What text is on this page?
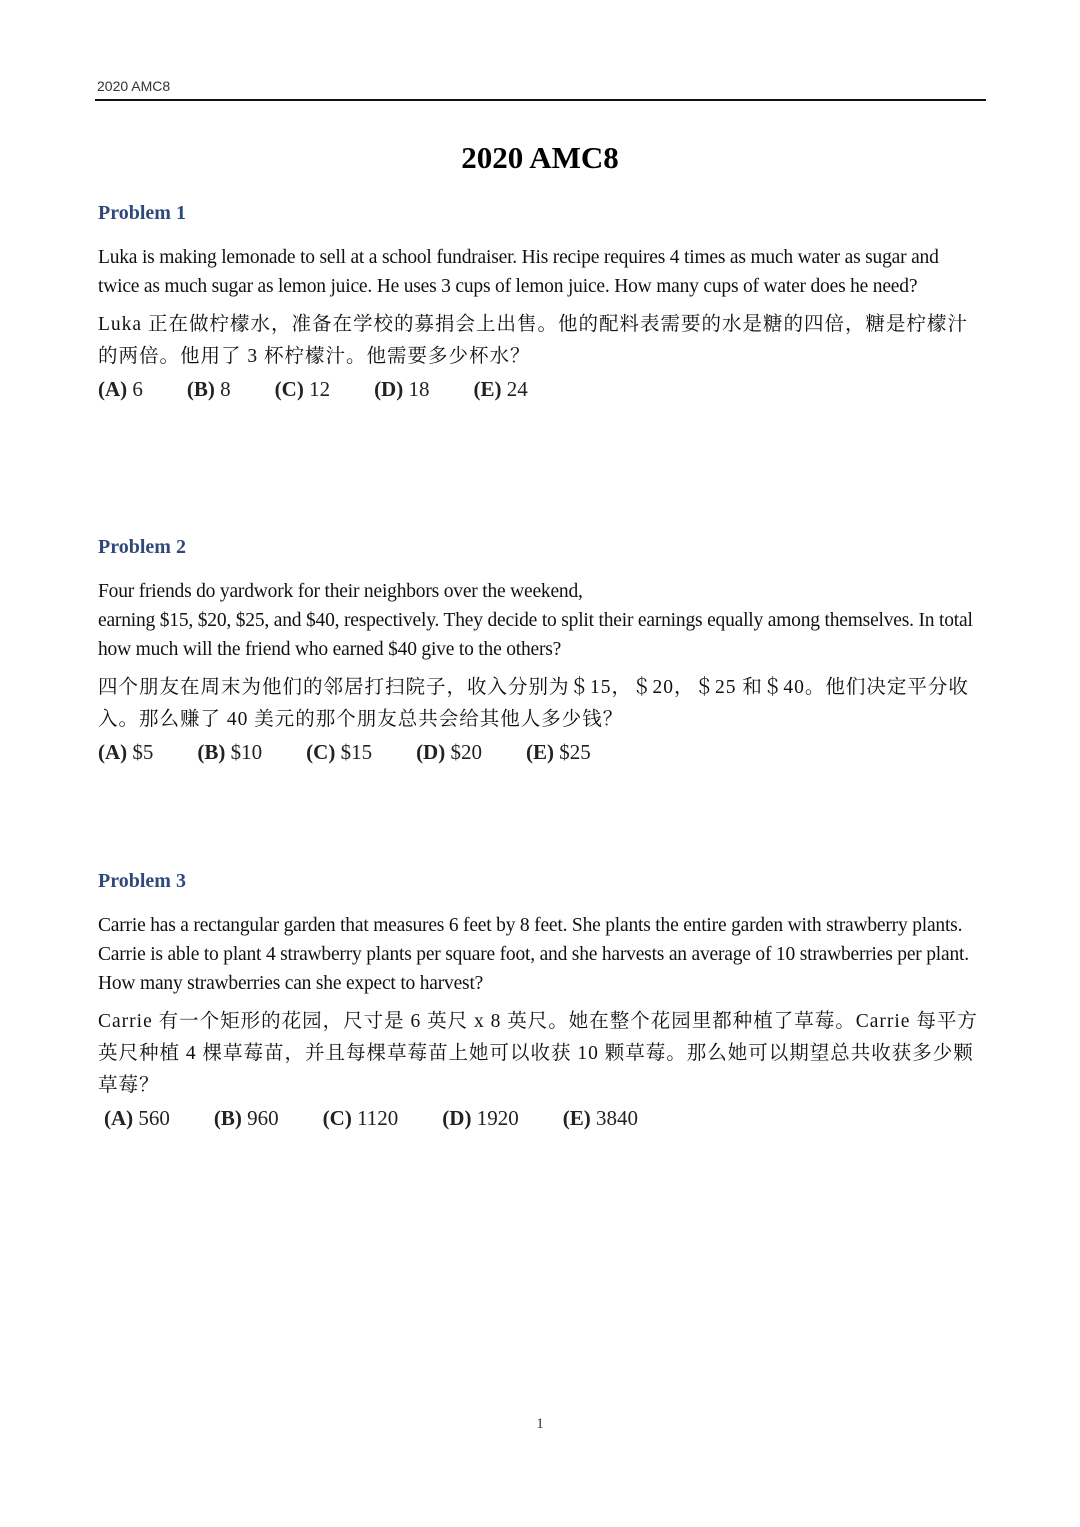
2020 AMC8
2020 AMC8
Problem 1

Luka is making lemonade to sell at a school fundraiser. His recipe requires 4 times as much water as sugar and twice as much sugar as lemon juice. He uses 3 cups of lemon juice. How many cups of water does he need?

Luka 正在做柠檬水，准备在学校的募捐会上出售。他的配料表需要的水是糖的四倍，糖是柠檬汁的两倍。他用了 3 杯柠檬汁。他需要多少杯水？

(A) 6 (B) 8 (C) 12 (D) 18 (E) 24
Problem 2

Four friends do yardwork for their neighbors over the weekend,

earning $15, $20, $25, and $40, respectively. They decide to split their earnings equally among themselves. In total how much will the friend who earned $40 give to the others?

四个朋友在周末为他们的邻居打扫院子，收入分别为＄15，＄20，＄25 和＄40。他们决定平分收入。那么赚了 40 美元的那个朋友总共会给其他人多少钱？

(A) $5 (B) $10 (C) $15 (D) $20 (E) $25
Problem 3

Carrie has a rectangular garden that measures 6 feet by 8 feet. She plants the entire garden with strawberry plants. Carrie is able to plant 4 strawberry plants per square foot, and she harvests an average of 10 strawberries per plant. How many strawberries can she expect to harvest?

Carrie 有一个矩形的花园，尺寸是 6 英尺 x 8 英尺。她在整个花园里都种植了草莓。Carrie 每平方英尺种植 4 棵草莓苗，并且每棵草莓苗上她可以收获 10 颗草莓。那么她可以期望总共收获多少颗草莓？

(A) 560 (B) 960 (C) 1120 (D) 1920 (E) 3840
1
